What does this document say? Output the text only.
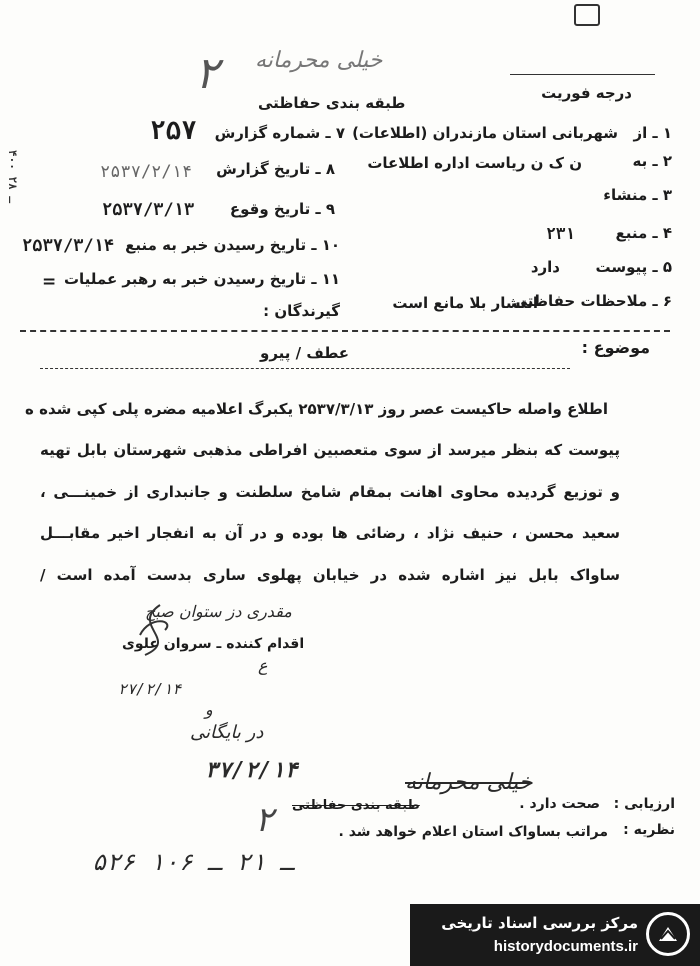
۲ خیلی محرمانه
درجه فوریت
طبقه بندی حفاظتی
۱ ـ از
شهربانی استان مازندران (اطلاعات)
۲ ـ به
ن ک ن ریاست اداره اطلاعات
۳ ـ منشاء
۴ ـ منبع
۲۳۱
۵ ـ پیوست
دارد
۶ ـ ملاحظات حفاظتی
انتشار بلا مانع است
۷ ـ شماره گزارش
۲۵۷
۸ ـ تاریخ گزارش
۲۵۳۷/۲/۱۴
۹ ـ تاریخ وقوع
۲۵۳۷/۳/۱۳
۱۰ ـ تاریخ رسیدن خبر به منبع
۲۵۳۷/۳/۱۴
۱۱ ـ تاریخ رسیدن خبر به رهبر عملیات
=
گیرندگان :
۴۰۰ ـ ۲۸
موضوع :
عطف / پیرو
اطلاع واصله حاکیست عصر روز ۲۵۳۷/۳/۱۳ یکبرگ اعلامیه مضره پلی کپی شده ه
پیوست که بنظر میرسد از سوی متعصبین افراطی مذهبی شهرستان بابل تهیه
و توزیع گردیده محاوی اهانت بمقام شامخ سلطنت و جانبداری از خمینـــی ،
سعید محسن ، حنیف نژاد ، رضائی ها بوده و در آن به انفجار اخیر مقابـــل
ساواک بابل نیز اشاره شده در خیابان پهلوی ساری بدست آمده است /
مقدری دز ستوان صبح
اقدام کننده ـ سروان علوی
ع
۲۷/۲/۱۴
و
در بایگانی
۳۷/۲/۱۴	خیلی محرمانه
۲ طبقه بندی حفاظتی	ارزیابی :
صحت دارد .
نظریه :
مراتب بساواک استان اعلام خواهد شد .
۵۲۶ ـ ۲۱ ـ ۱۰۶
مرکز بررسی اسناد تاریخی
historydocuments.ir
